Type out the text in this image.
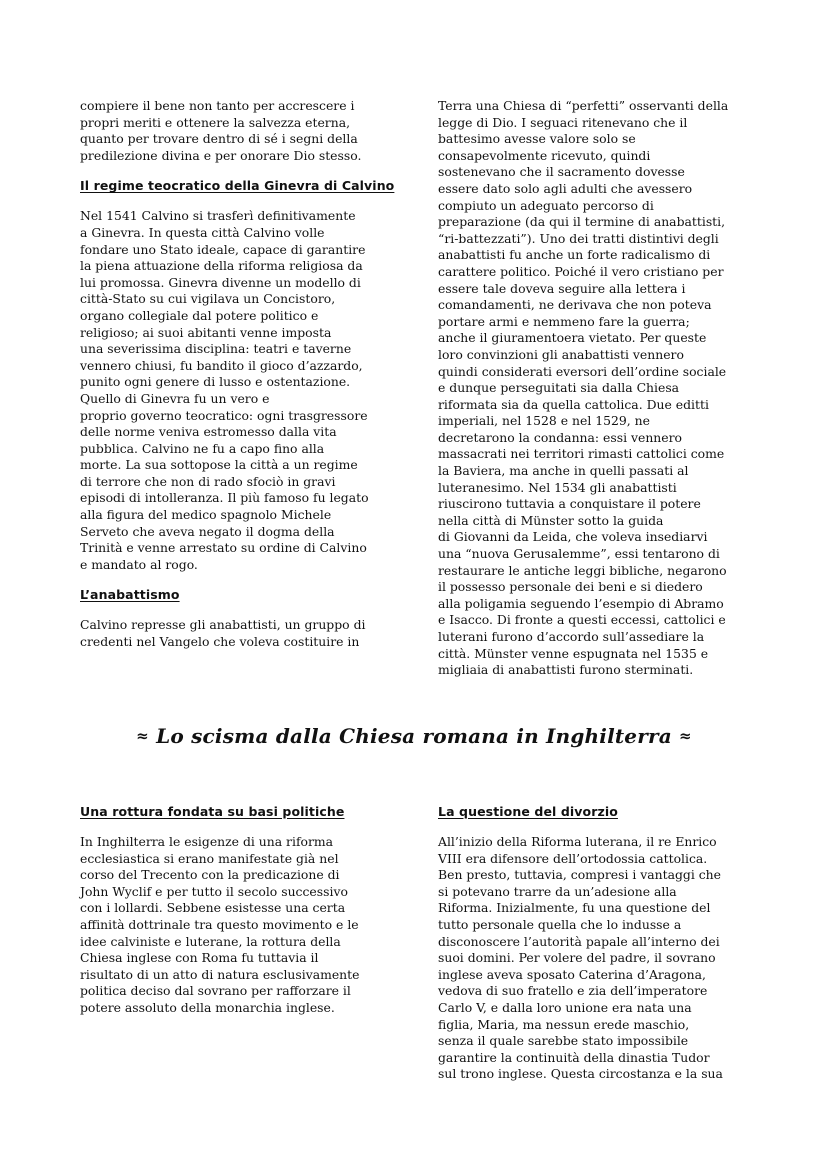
compiere il bene non tanto per accrescere i
propri meriti e ottenere la salvezza eterna,
quanto per trovare dentro di sé i segni della
predilezione divina e per onorare Dio stesso.

Il regime teocratico della Ginevra di Calvino

Nel 1541 Calvino si trasferì definitivamente
a Ginevra. In questa città Calvino volle
fondare uno Stato ideale, capace di garantire
la piena attuazione della riforma religiosa da
lui promossa. Ginevra divenne un modello di
città-Stato su cui vigilava un Concistoro,
organo collegiale dal potere politico e
religioso; ai suoi abitanti venne imposta
una severissima disciplina: teatri e taverne
vennero chiusi, fu bandito il gioco d’azzardo,
punito ogni genere di lusso e ostentazione.
Quello di Ginevra fu un vero e
proprio governo teocratico: ogni trasgressore
delle norme veniva estromesso dalla vita
pubblica. Calvino ne fu a capo fino alla
morte. La sua sottopose la città a un regime
di terrore che non di rado sfociò in gravi
episodi di intolleranza. Il più famoso fu legato
alla figura del medico spagnolo Michele
Serveto che aveva negato il dogma della
Trinità e venne arrestato su ordine di Calvino
e mandato al rogo.

L’anabattismo

Calvino represse gli anabattisti, un gruppo di
credenti nel Vangelo che voleva costituire in

Terra una Chiesa di “perfetti” osservanti della
legge di Dio. I seguaci ritenevano che il
battesimo avesse valore solo se
consapevolmente ricevuto, quindi
sostenevano che il sacramento dovesse
essere dato solo agli adulti che avessero
compiuto un adeguato percorso di
preparazione (da qui il termine di anabattisti,
“ri-battezzati”). Uno dei tratti distintivi degli
anabattisti fu anche un forte radicalismo di
carattere politico. Poiché il vero cristiano per
essere tale doveva seguire alla lettera i
comandamenti, ne derivava che non poteva
portare armi e nemmeno fare la guerra;
anche il giuramentoera vietato. Per queste
loro convinzioni gli anabattisti vennero
quindi considerati eversori dell’ordine sociale
e dunque perseguitati sia dalla Chiesa
riformata sia da quella cattolica. Due editti
imperiali, nel 1528 e nel 1529, ne
decretarono la condanna: essi vennero
massacrati nei territori rimasti cattolici come
la Baviera, ma anche in quelli passati al
luteranesimo. Nel 1534 gli anabattisti
riuscirono tuttavia a conquistare il potere
nella città di Münster sotto la guida
di Giovanni da Leida, che voleva insediarvi
una “nuova Gerusalemme”, essi tentarono di
restaurare le antiche leggi bibliche, negarono
il possesso personale dei beni e si diedero
alla poligamia seguendo l’esempio di Abramo
e Isacco. Di fronte a questi eccessi, cattolici e
luterani furono d’accordo sull’assediare la
città. Münster venne espugnata nel 1535 e
migliaia di anabattisti furono sterminati.

≈ Lo scisma dalla Chiesa romana in Inghilterra ≈
Una rottura fondata su basi politiche

In Inghilterra le esigenze di una riforma
ecclesiastica si erano manifestate già nel
corso del Trecento con la predicazione di
John Wyclif e per tutto il secolo successivo
con i lollardi. Sebbene esistesse una certa
affinità dottrinale tra questo movimento e le
idee calviniste e luterane, la rottura della
Chiesa inglese con Roma fu tuttavia il
risultato di un atto di natura esclusivamente
politica deciso dal sovrano per rafforzare il
potere assoluto della monarchia inglese.

La questione del divorzio

All’inizio della Riforma luterana, il re Enrico
VIII era difensore dell’ortodossia cattolica.
Ben presto, tuttavia, compresi i vantaggi che
si potevano trarre da un’adesione alla
Riforma. Inizialmente, fu una questione del
tutto personale quella che lo indusse a
disconoscere l’autorità papale all’interno dei
suoi domini. Per volere del padre, il sovrano
inglese aveva sposato Caterina d’Aragona,
vedova di suo fratello e zia dell’imperatore
Carlo V, e dalla loro unione era nata una
figlia, Maria, ma nessun erede maschio,
senza il quale sarebbe stato impossibile
garantire la continuità della dinastia Tudor
sul trono inglese. Questa circostanza e la sua
